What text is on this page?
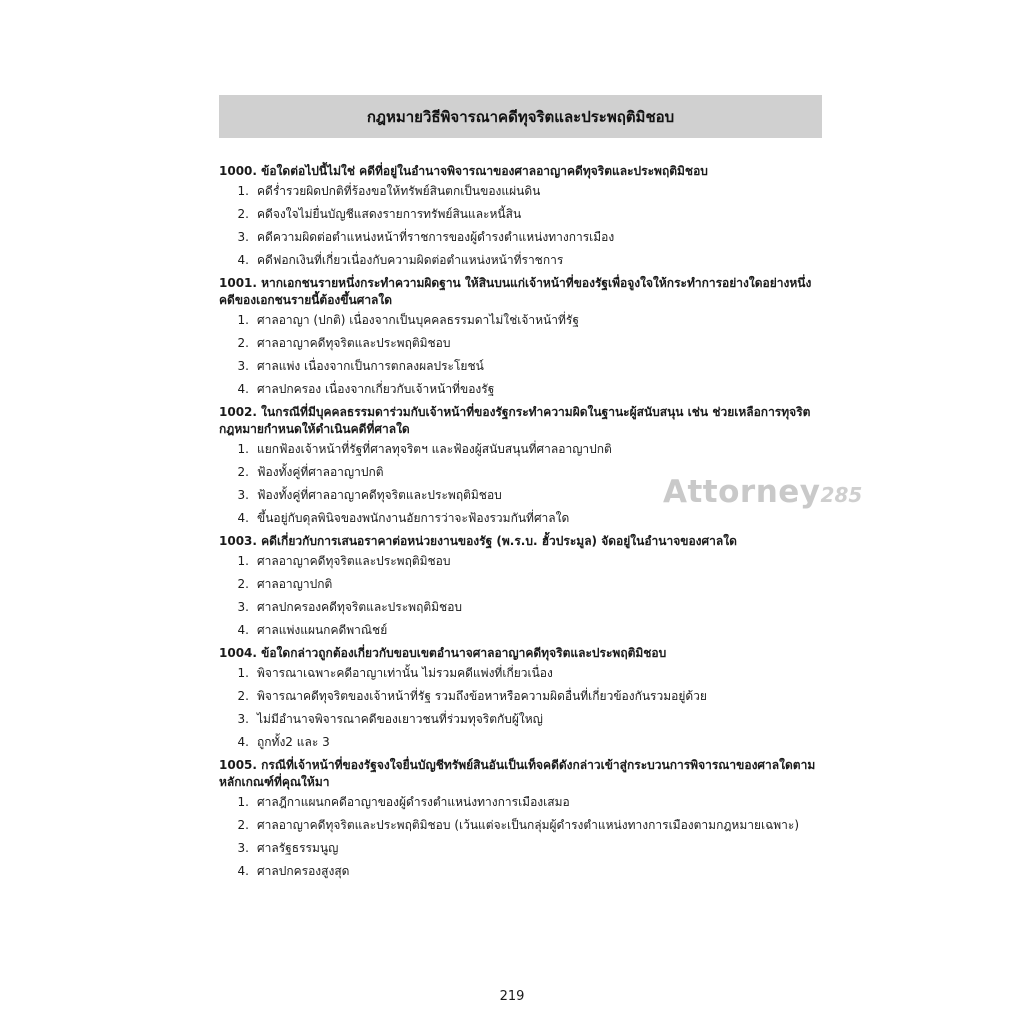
กฎหมายวิธีพิจารณาคดีทุจริตและประพฤติมิชอบ

1000. ข้อใดต่อไปนี้ไม่ใช่ คดีที่อยู่ในอำนาจพิจารณาของศาลอาญาคดีทุจริตและประพฤติมิชอบ

1. คดีร่ำรวยผิดปกติที่ร้องขอให้ทรัพย์สินตกเป็นของแผ่นดิน
2. คดีจงใจไม่ยื่นบัญชีแสดงรายการทรัพย์สินและหนี้สิน
3. คดีความผิดต่อตำแหน่งหน้าที่ราชการของผู้ดำรงตำแหน่งทางการเมือง
4. คดีฟอกเงินที่เกี่ยวเนื่องกับความผิดต่อตำแหน่งหน้าที่ราชการ

1001. หากเอกชนรายหนึ่งกระทำความผิดฐาน ให้สินบนแก่เจ้าหน้าที่ของรัฐเพื่อจูงใจให้กระทำการอย่างใดอย่างหนึ่ง คดีของเอกชนรายนี้ต้องขึ้นศาลใด

1. ศาลอาญา (ปกติ) เนื่องจากเป็นบุคคลธรรมดาไม่ใช่เจ้าหน้าที่รัฐ
2. ศาลอาญาคดีทุจริตและประพฤติมิชอบ
3. ศาลแพ่ง เนื่องจากเป็นการตกลงผลประโยชน์
4. ศาลปกครอง เนื่องจากเกี่ยวกับเจ้าหน้าที่ของรัฐ

1002. ในกรณีที่มีบุคคลธรรมดาร่วมกับเจ้าหน้าที่ของรัฐกระทำความผิดในฐานะผู้สนับสนุน เช่น ช่วยเหลือการทุจริต กฎหมายกำหนดให้ดำเนินคดีที่ศาลใด

1. แยกฟ้องเจ้าหน้าที่รัฐที่ศาลทุจริตฯ และฟ้องผู้สนับสนุนที่ศาลอาญาปกติ
2. ฟ้องทั้งคู่ที่ศาลอาญาปกติ
3. ฟ้องทั้งคู่ที่ศาลอาญาคดีทุจริตและประพฤติมิชอบ
4. ขึ้นอยู่กับดุลพินิจของพนักงานอัยการว่าจะฟ้องรวมกันที่ศาลใด

1003. คดีเกี่ยวกับการเสนอราคาต่อหน่วยงานของรัฐ (พ.ร.บ. ฮั้วประมูล) จัดอยู่ในอำนาจของศาลใด

1. ศาลอาญาคดีทุจริตและประพฤติมิชอบ
2. ศาลอาญาปกติ
3. ศาลปกครองคดีทุจริตและประพฤติมิชอบ
4. ศาลแพ่งแผนกคดีพาณิชย์

1004. ข้อใดกล่าวถูกต้องเกี่ยวกับขอบเขตอำนาจศาลอาญาคดีทุจริตและประพฤติมิชอบ

1. พิจารณาเฉพาะคดีอาญาเท่านั้น ไม่รวมคดีแพ่งที่เกี่ยวเนื่อง
2. พิจารณาคดีทุจริตของเจ้าหน้าที่รัฐ รวมถึงข้อหาหรือความผิดอื่นที่เกี่ยวข้องกันรวมอยู่ด้วย
3. ไม่มีอำนาจพิจารณาคดีของเยาวชนที่ร่วมทุจริตกับผู้ใหญ่
4. ถูกทั้ง2 และ 3

1005. กรณีที่เจ้าหน้าที่ของรัฐจงใจยื่นบัญชีทรัพย์สินอันเป็นเท็จคดีดังกล่าวเข้าสู่กระบวนการพิจารณาของศาลใดตามหลักเกณฑ์ที่คุณให้มา

1. ศาลฎีกาแผนกคดีอาญาของผู้ดำรงตำแหน่งทางการเมืองเสมอ
2. ศาลอาญาคดีทุจริตและประพฤติมิชอบ (เว้นแต่จะเป็นกลุ่มผู้ดำรงตำแหน่งทางการเมืองตามกฎหมายเฉพาะ)
3. ศาลรัฐธรรมนูญ
4. ศาลปกครองสูงสุด
Attorney285
219
